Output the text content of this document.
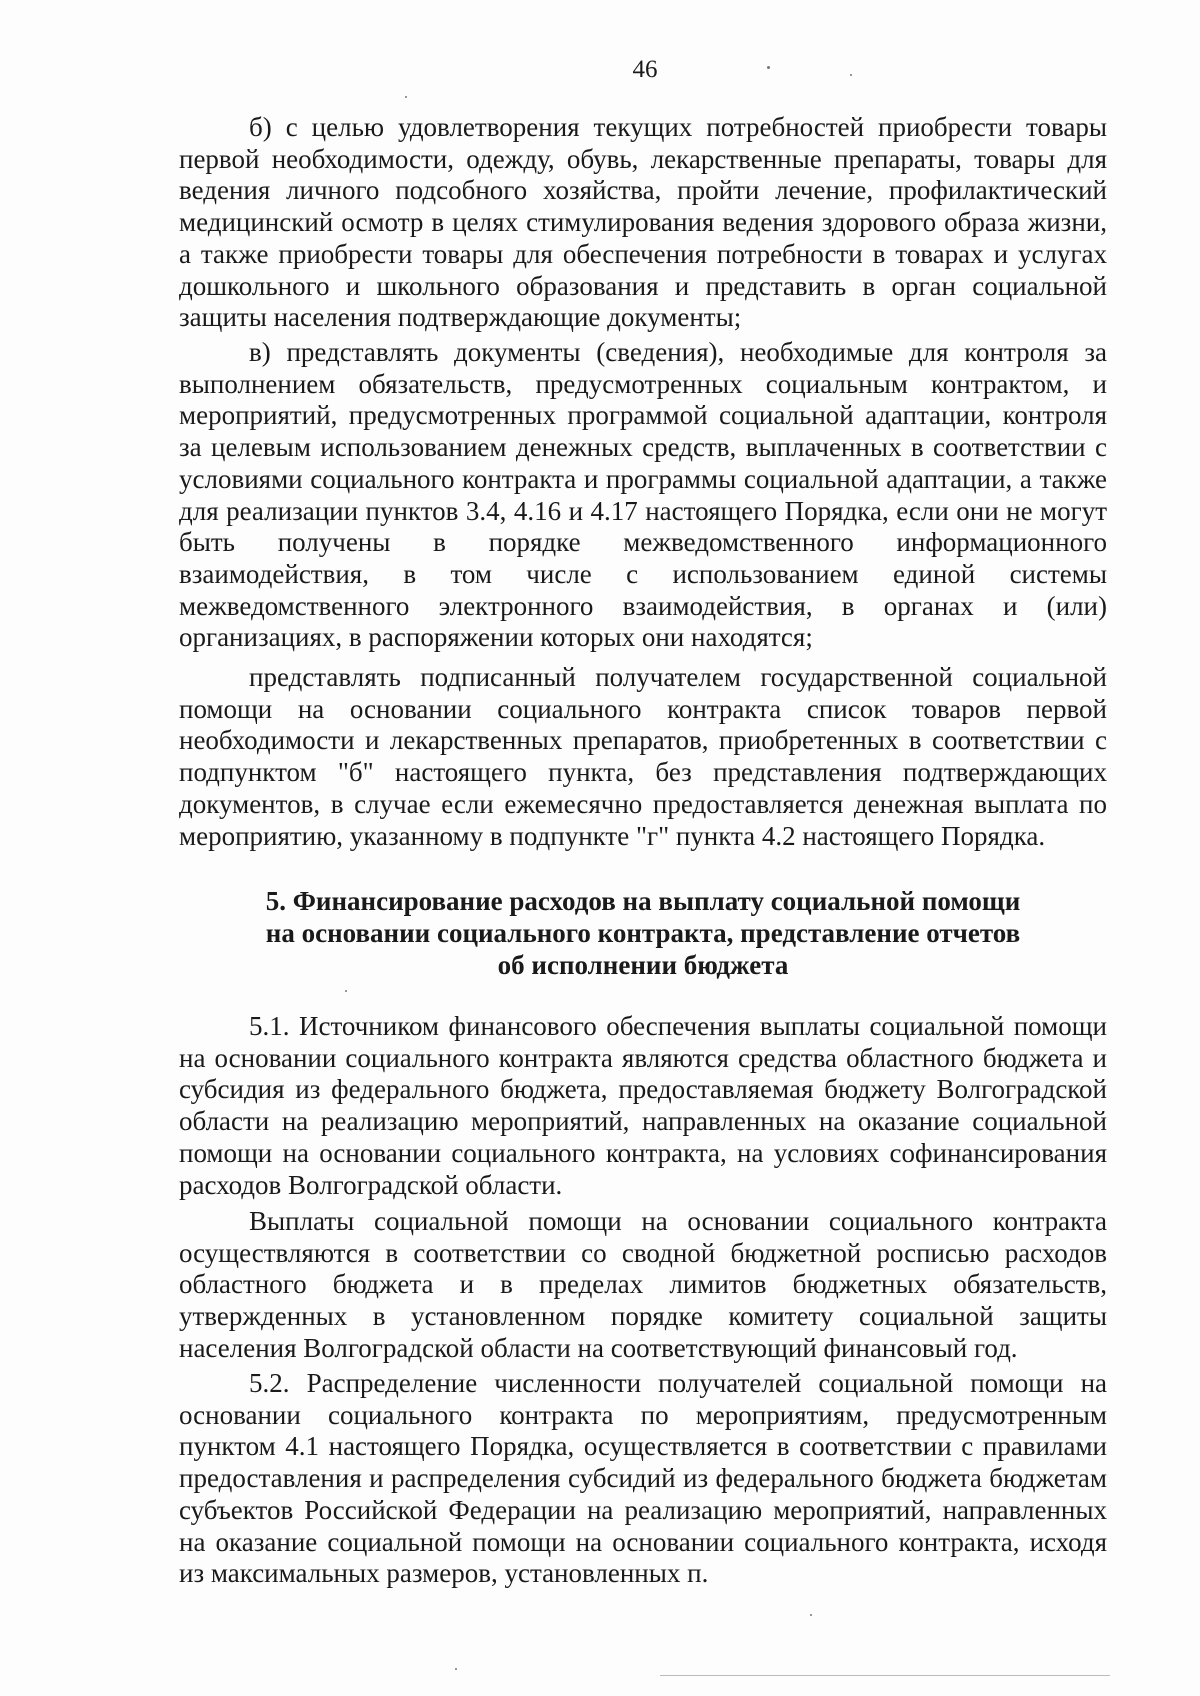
46

б) с целью удовлетворения текущих потребностей приобрести товары первой необходимости, одежду, обувь, лекарственные препараты, товары для ведения личного подсобного хозяйства, пройти лечение, профилактический медицинский осмотр в целях стимулирования ведения здорового образа жизни, а также приобрести товары для обеспечения потребности в товарах и услугах дошкольного и школьного образования и представить в орган социальной защиты населения подтверждающие документы;

в) представлять документы (сведения), необходимые для контроля за выполнением обязательств, предусмотренных социальным контрактом, и мероприятий, предусмотренных программой социальной адаптации, контроля за целевым использованием денежных средств, выплаченных в соответствии с условиями социального контракта и программы социальной адаптации, а также для реализации пунктов 3.4, 4.16 и 4.17 настоящего Порядка, если они не могут быть получены в порядке межведомственного информационного взаимодействия, в том числе с использованием единой системы межведомственного электронного взаимодействия, в органах и (или) организациях, в распоряжении которых они находятся;

представлять подписанный получателем государственной социальной помощи на основании социального контракта список товаров первой необходимости и лекарственных препаратов, приобретенных в соответствии с подпунктом "б" настоящего пункта, без представления подтверждающих документов, в случае если ежемесячно предоставляется денежная выплата по мероприятию, указанному в подпункте "г" пункта 4.2 настоящего Порядка.

5. Финансирование расходов на выплату социальной помощи
на основании социального контракта, представление отчетов
об исполнении бюджета

5.1. Источником финансового обеспечения выплаты социальной помощи на основании социального контракта являются средства областного бюджета и субсидия из федерального бюджета, предоставляемая бюджету Волгоградской области на реализацию мероприятий, направленных на оказание социальной помощи на основании социального контракта, на условиях софинансирования расходов Волгоградской области.

Выплаты социальной помощи на основании социального контракта осуществляются в соответствии со сводной бюджетной росписью расходов областного бюджета и в пределах лимитов бюджетных обязательств, утвержденных в установленном порядке комитету социальной защиты населения Волгоградской области на соответствующий финансовый год.

5.2. Распределение численности получателей социальной помощи на основании социального контракта по мероприятиям, предусмотренным пунктом 4.1 настоящего Порядка, осуществляется в соответствии с правилами предоставления и распределения субсидий из федерального бюджета бюджетам субъектов Российской Федерации на реализацию мероприятий, направленных на оказание социальной помощи на основании социального контракта, исходя из максимальных размеров, установленных п.
